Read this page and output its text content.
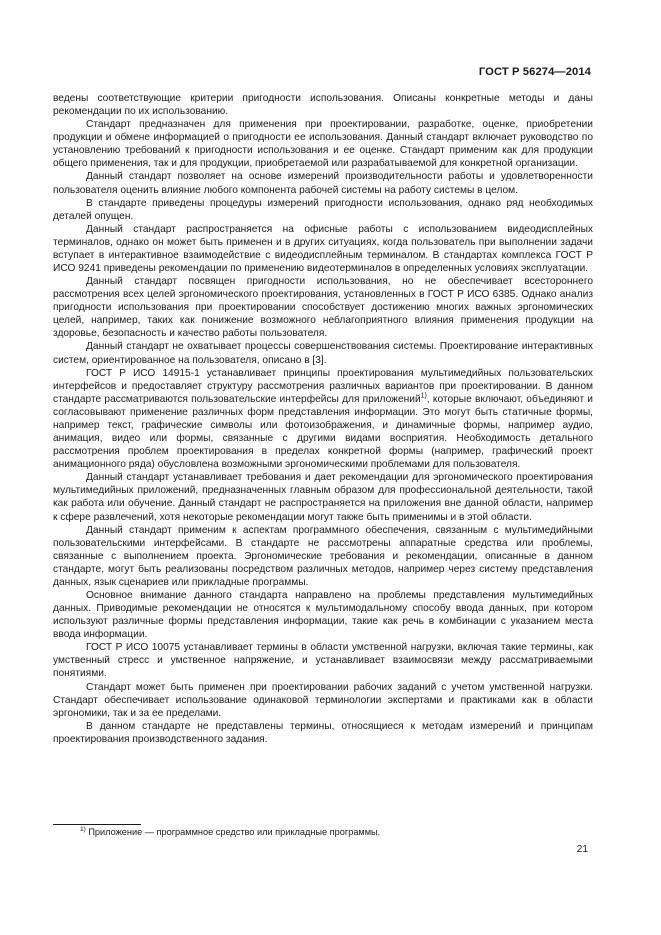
ГОСТ Р 56274—2014

ведены соответствующие критерии пригодности использования. Описаны конкретные методы и даны рекомендации по их использованию.

Стандарт предназначен для применения при проектировании, разработке, оценке, приобретении продукции и обмене информацией о пригодности ее использования. Данный стандарт включает руководство по установлению требований к пригодности использования и ее оценке. Стандарт применим как для продукции общего применения, так и для продукции, приобретаемой или разрабатываемой для конкретной организации.

Данный стандарт позволяет на основе измерений производительности работы и удовлетворенности пользователя оценить влияние любого компонента рабочей системы на работу системы в целом.

В стандарте приведены процедуры измерений пригодности использования, однако ряд необходимых деталей опущен.

Данный стандарт распространяется на офисные работы с использованием видеодисплейных терминалов, однако он может быть применен и в других ситуациях, когда пользователь при выполнении задачи вступает в интерактивное взаимодействие с видеодисплейным терминалом. В стандартах комплекса ГОСТ Р ИСО 9241 приведены рекомендации по применению видеотерминалов в определенных условиях эксплуатации.

Данный стандарт посвящен пригодности использования, но не обеспечивает всестороннего рассмотрения всех целей эргономического проектирования, установленных в ГОСТ Р ИСО 6385. Однако анализ пригодности использования при проектировании способствует достижению многих важных эргономических целей, например, таких как понижение возможного неблагоприятного влияния применения продукции на здоровье, безопасность и качество работы пользователя.

Данный стандарт не охватывает процессы совершенствования системы. Проектирование интерактивных систем, ориентированное на пользователя, описано в [3].

ГОСТ Р ИСО 14915-1 устанавливает принципы проектирования мультимедийных пользовательских интерфейсов и предоставляет структуру рассмотрения различных вариантов при проектировании. В данном стандарте рассматриваются пользовательские интерфейсы для приложений$^{1)}$, которые включают, объединяют и согласовывают применение различных форм представления информации. Это могут быть статичные формы, например текст, графические символы или фотоизображения, и динамичные формы, например аудио, анимация, видео или формы, связанные с другими видами восприятия. Необходимость детального рассмотрения проблем проектирования в пределах конкретной формы (например, графический проект анимационного ряда) обусловлена возможными эргономическими проблемами для пользователя.

Данный стандарт устанавливает требования и дает рекомендации для эргономического проектирования мультимедийных приложений, предназначенных главным образом для профессиональной деятельности, такой как работа или обучение. Данный стандарт не распространяется на приложения вне данной области, например к сфере развлечений, хотя некоторые рекомендации могут также быть применимы и в этой области.

Данный стандарт применим к аспектам программного обеспечения, связанным с мультимедийными пользовательскими интерфейсами. В стандарте не рассмотрены аппаратные средства или проблемы, связанные с выполнением проекта. Эргономические требования и рекомендации, описанные в данном стандарте, могут быть реализованы посредством различных методов, например через систему представления данных, язык сценариев или прикладные программы.

Основное внимание данного стандарта направлено на проблемы представления мультимедийных данных. Приводимые рекомендации не относятся к мультимодальному способу ввода данных, при котором используют различные формы представления информации, такие как речь в комбинации с указанием места ввода информации.

ГОСТ Р ИСО 10075 устанавливает термины в области умственной нагрузки, включая такие термины, как умственный стресс и умственное напряжение, и устанавливает взаимосвязи между рассматриваемыми понятиями.

Стандарт может быть применен при проектировании рабочих заданий с учетом умственной нагрузки. Стандарт обеспечивает использование одинаковой терминологии экспертами и практиками как в области эргономики, так и за ее пределами.

В данном стандарте не представлены термины, относящиеся к методам измерений и принципам проектирования производственного задания.

$^{1)}$ Приложение — программное средство или прикладные программы.
21
